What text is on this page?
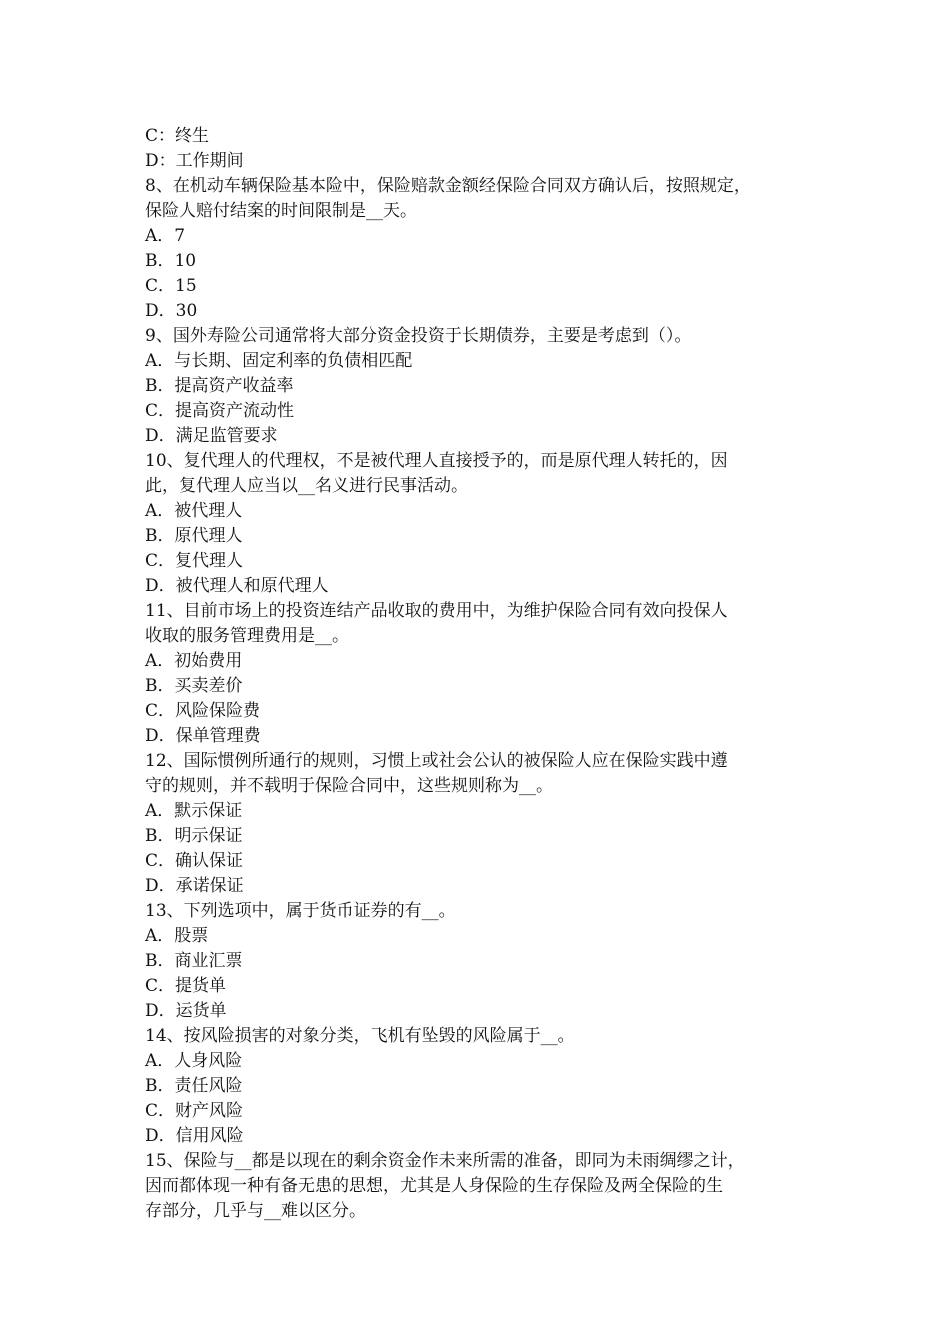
C：终生
D：工作期间
8、在机动车辆保险基本险中，保险赔款金额经保险合同双方确认后，按照规定，
保险人赔付结案的时间限制是__天。
A．7
B．10
C．15
D．30
9、国外寿险公司通常将大部分资金投资于长期债券，主要是考虑到（）。
A．与长期、固定利率的负债相匹配
B．提高资产收益率
C．提高资产流动性
D．满足监管要求
10、复代理人的代理权，不是被代理人直接授予的，而是原代理人转托的，因
此，复代理人应当以__名义进行民事活动。
A．被代理人
B．原代理人
C．复代理人
D．被代理人和原代理人
11、目前市场上的投资连结产品收取的费用中，为维护保险合同有效向投保人
收取的服务管理费用是__。
A．初始费用
B．买卖差价
C．风险保险费
D．保单管理费
12、国际惯例所通行的规则，习惯上或社会公认的被保险人应在保险实践中遵
守的规则，并不载明于保险合同中，这些规则称为__。
A．默示保证
B．明示保证
C．确认保证
D．承诺保证
13、下列选项中，属于货币证券的有__。
A．股票
B．商业汇票
C．提货单
D．运货单
14、按风险损害的对象分类，飞机有坠毁的风险属于__。
A．人身风险
B．责任风险
C．财产风险
D．信用风险
15、保险与__都是以现在的剩余资金作未来所需的准备，即同为未雨绸缪之计，
因而都体现一种有备无患的思想，尤其是人身保险的生存保险及两全保险的生
存部分，几乎与__难以区分。
